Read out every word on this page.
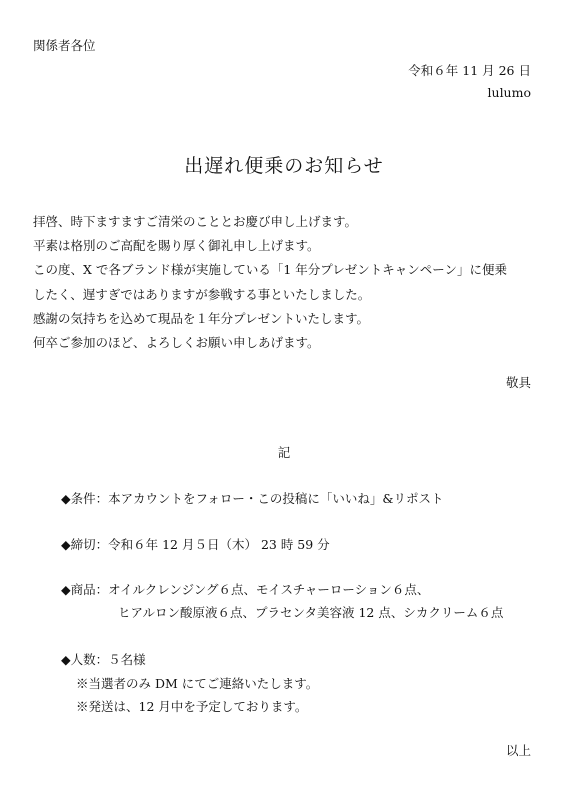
関係者各位
令和６年 11 月 26 日
lulumo
出遅れ便乗のお知らせ
拝啓、時下ますますご清栄のこととお慶び申し上げます。
平素は格別のご高配を賜り厚く御礼申し上げます。
この度、X で各ブランド様が実施している「1 年分プレゼントキャンペーン」に便乗
したく、遅すぎではありますが参戦する事といたしました。
感謝の気持ちを込めて現品を１年分プレゼントいたします。
何卒ご参加のほど、よろしくお願い申しあげます。
敬具
記
◆条件：本アカウントをフォロー・この投稿に「いいね」&リポスト
◆締切：令和６年 12 月５日（木） 23 時 59 分
◆商品：オイルクレンジング６点、モイスチャーローション６点、
ヒアルロン酸原液６点、プラセンタ美容液 12 点、シカクリーム６点
◆人数：５名様
※当選者のみ DM にてご連絡いたします。
※発送は、12 月中を予定しております。
以上
